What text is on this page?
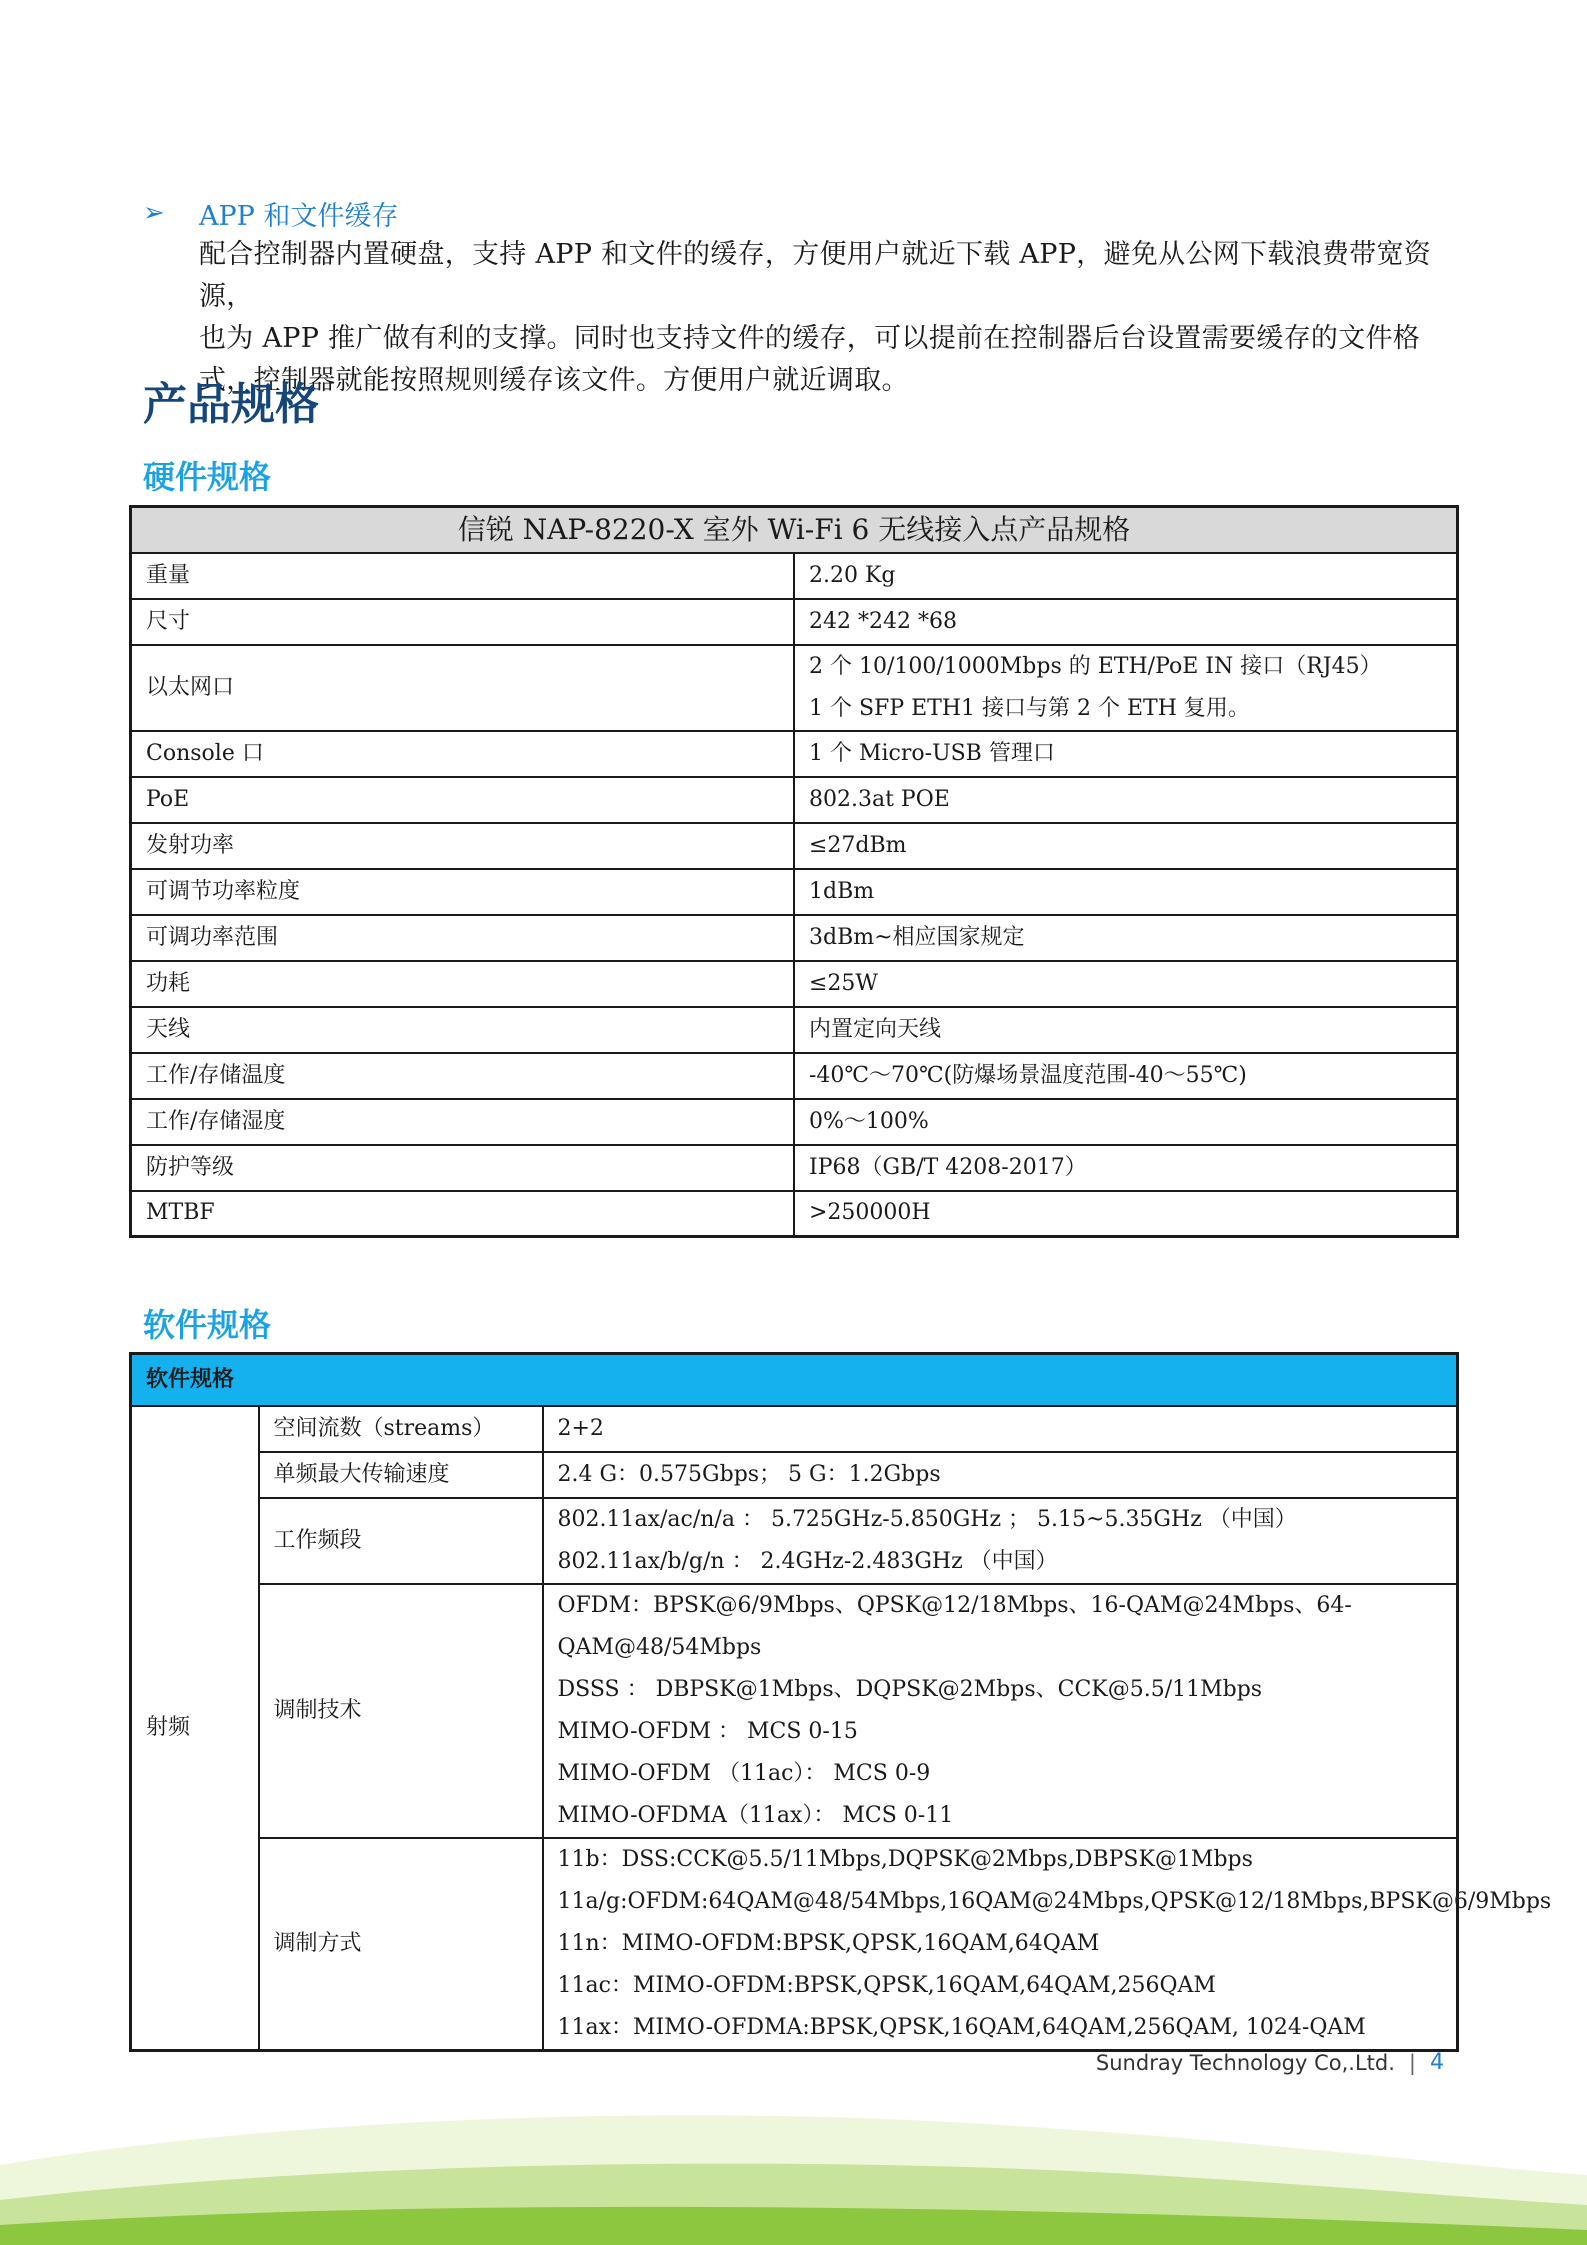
➢	APP 和文件缓存
配合控制器内置硬盘，支持 APP 和文件的缓存，方便用户就近下载 APP，避免从公网下载浪费带宽资源，
也为 APP 推广做有利的支撑。同时也支持文件的缓存，可以提前在控制器后台设置需要缓存的文件格
式，控制器就能按照规则缓存该文件。方便用户就近调取。
产品规格
硬件规格
信锐 NAP-8220-X 室外 Wi-Fi 6 无线接入点产品规格	
重量	2.20 Kg
尺寸	242 *242 *68
以太网口	2 个 10/100/1000Mbps 的 ETH/PoE IN 接口（RJ45）
1 个 SFP ETH1 接口与第 2 个 ETH 复用。

Console 口	1 个 Micro-USB 管理口
PoE	802.3at POE
发射功率	≤27dBm
可调节功率粒度	1dBm
可调功率范围	3dBm~相应国家规定
功耗	≤25W
天线	内置定向天线
工作/存储温度	-40℃～70℃(防爆场景温度范围-40～55℃)
工作/存储湿度	0%～100%
防护等级	IP68（GB/T 4208-2017）
MTBF	>250000H
软件规格
软件规格		
射频	空间流数（streams）	2+2
	单频最大传输速度	2.4 G：0.575Gbps； 5 G：1.2Gbps
	工作频段	802.11ax/ac/n/a ： 5.725GHz-5.850GHz ； 5.15~5.35GHz （中国）
802.11ax/b/g/n ： 2.4GHz-2.483GHz （中国）

	调制技术	OFDM：BPSK@6/9Mbps、QPSK@12/18Mbps、16-QAM@24Mbps、64-QAM@48/54Mbps
DSSS ： DBPSK@1Mbps、DQPSK@2Mbps、CCK@5.5/11Mbps
MIMO-OFDM ： MCS 0-15
MIMO-OFDM （11ac）： MCS 0-9
MIMO-OFDMA（11ax）： MCS 0-11

	调制方式	11b：DSS:CCK@5.5/11Mbps,DQPSK@2Mbps,DBPSK@1Mbps
11a/g:OFDM:64QAM@48/54Mbps,16QAM@24Mbps,QPSK@12/18Mbps,BPSK@6/9Mbps
11n：MIMO-OFDM:BPSK,QPSK,16QAM,64QAM
11ac：MIMO-OFDM:BPSK,QPSK,16QAM,64QAM,256QAM
11ax：MIMO-OFDMA:BPSK,QPSK,16QAM,64QAM,256QAM, 1024-QAM
Sundray Technology Co,.Ltd. | 4
